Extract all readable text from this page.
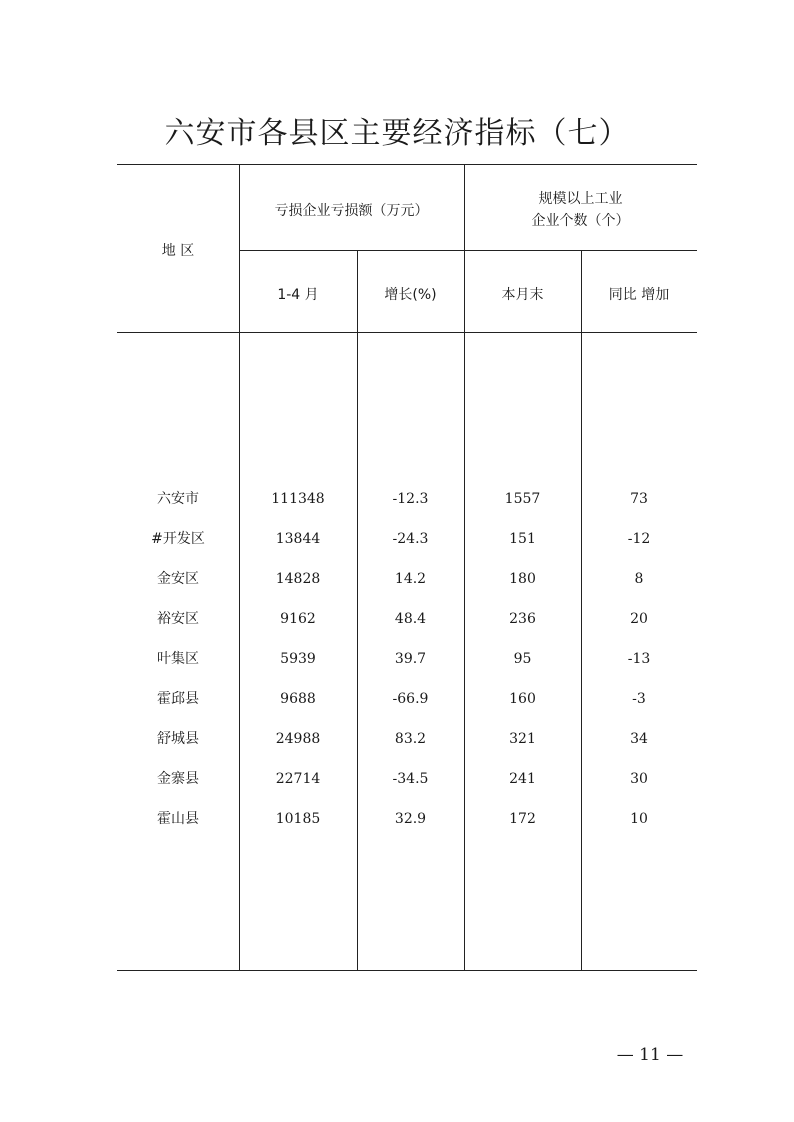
六安市各县区主要经济指标（七）
地 区
亏损企业亏损额（万元）
规模以上工业
企业个数（个）
1-4 月	增长(%)	本月末	同比 增加
六安市	111348	-12.3	1557	73
#开发区	13844	-24.3	151	-12
金安区	14828	14.2	180	8
裕安区	9162	48.4	236	20
叶集区	5939	39.7	95	-13
霍邱县	9688	-66.9	160	-3
舒城县	24988	83.2	321	34
金寨县	22714	-34.5	241	30
霍山县	10185	32.9	172	10
— 11 —
